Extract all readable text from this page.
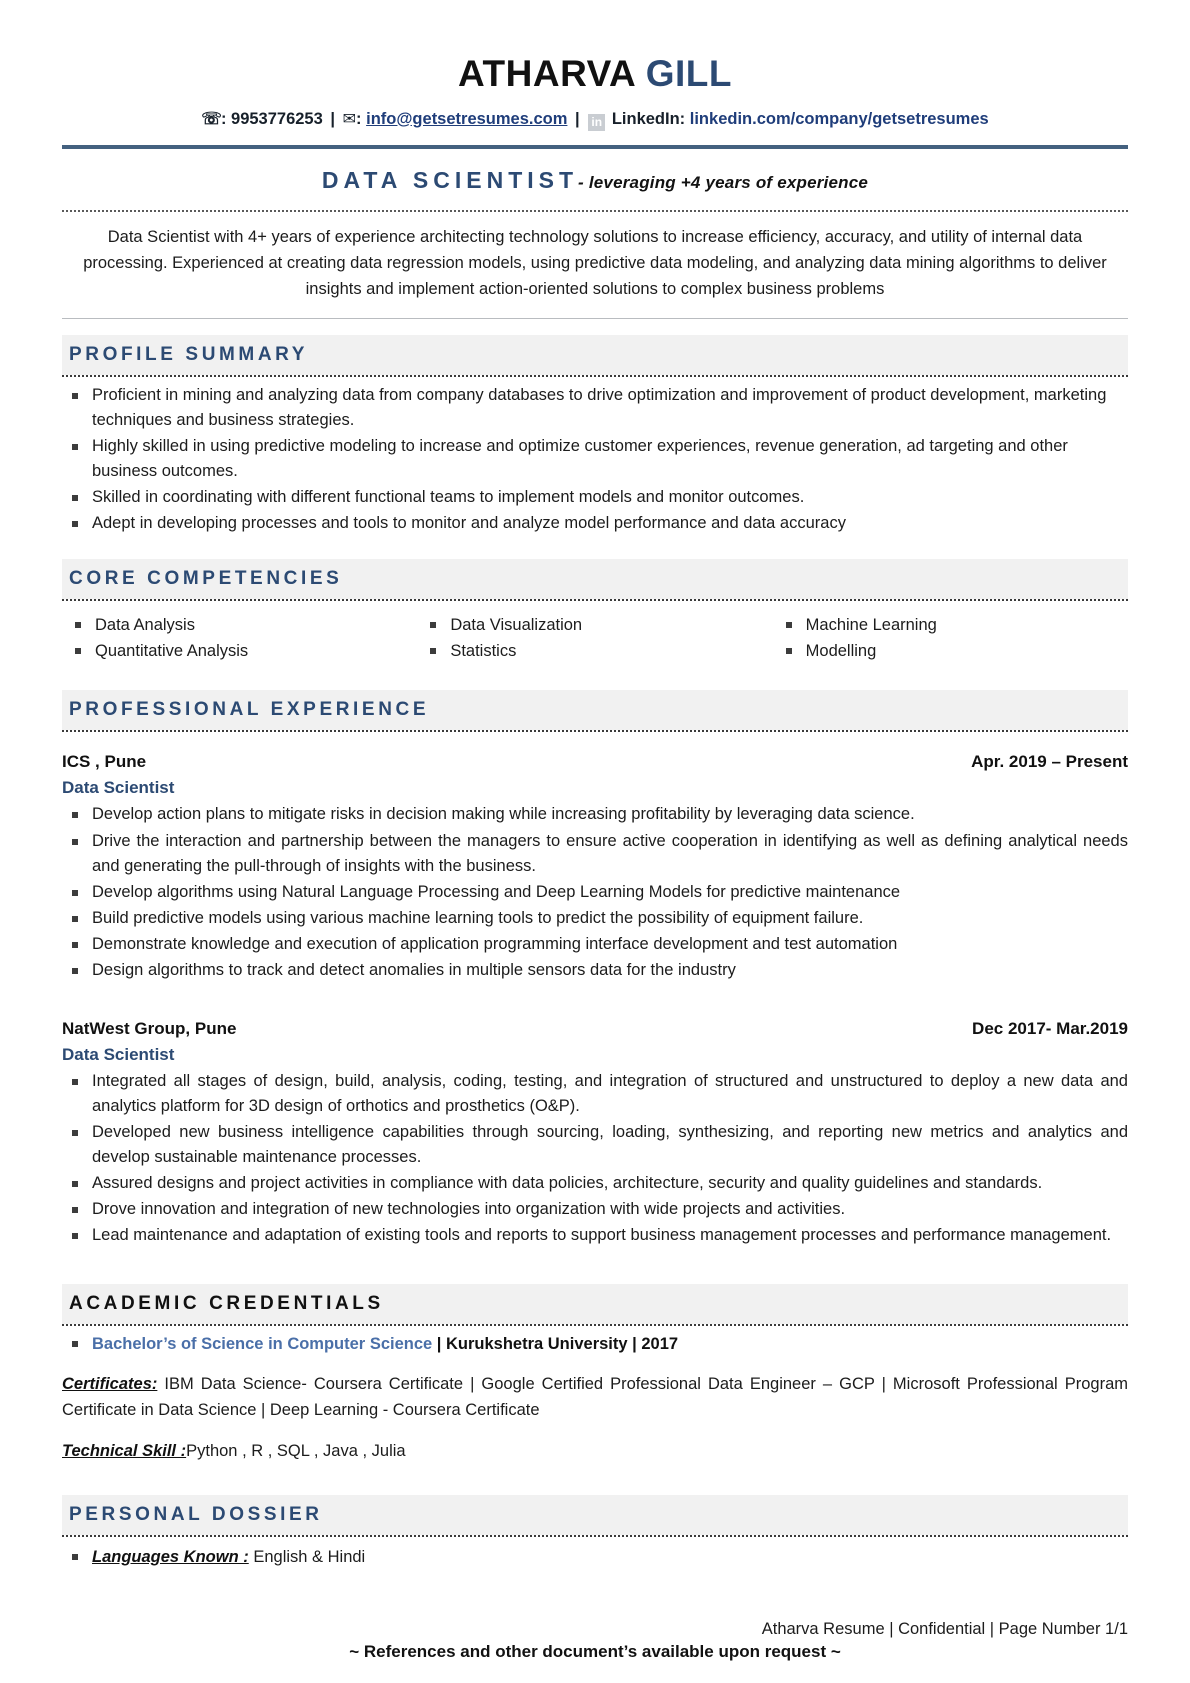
ATHARVA GILL
☏: 9953776253 | ✉: info@getsetresumes.com | in LinkedIn: linkedin.com/company/getsetresumes
DATA SCIENTIST- leveraging +4 years of experience
Data Scientist with 4+ years of experience architecting technology solutions to increase efficiency, accuracy, and utility of internal data processing. Experienced at creating data regression models, using predictive data modeling, and analyzing data mining algorithms to deliver insights and implement action-oriented solutions to complex business problems
PROFILE SUMMARY
Proficient in mining and analyzing data from company databases to drive optimization and improvement of product development, marketing techniques and business strategies.
Highly skilled in using predictive modeling to increase and optimize customer experiences, revenue generation, ad targeting and other business outcomes.
Skilled in coordinating with different functional teams to implement models and monitor outcomes.
Adept in developing processes and tools to monitor and analyze model performance and data accuracy
CORE COMPETENCIES
Data Analysis	Data Visualization	Machine Learning
Quantitative Analysis	Statistics	Modelling
PROFESSIONAL EXPERIENCE
ICS , Pune	Apr. 2019 – Present
Data Scientist
Develop action plans to mitigate risks in decision making while increasing profitability by leveraging data science.
Drive the interaction and partnership between the managers to ensure active cooperation in identifying as well as defining analytical needs and generating the pull-through of insights with the business.
Develop algorithms using Natural Language Processing and Deep Learning Models for predictive maintenance
Build predictive models using various machine learning tools to predict the possibility of equipment failure.
Demonstrate knowledge and execution of application programming interface development and test automation
Design algorithms to track and detect anomalies in multiple sensors data for the industry
NatWest Group, Pune	Dec 2017- Mar.2019
Data Scientist
Integrated all stages of design, build, analysis, coding, testing, and integration of structured and unstructured to deploy a new data and analytics platform for 3D design of orthotics and prosthetics (O&P).
Developed new business intelligence capabilities through sourcing, loading, synthesizing, and reporting new metrics and analytics and develop sustainable maintenance processes.
Assured designs and project activities in compliance with data policies, architecture, security and quality guidelines and standards.
Drove innovation and integration of new technologies into organization with wide projects and activities.
Lead maintenance and adaptation of existing tools and reports to support business management processes and performance management.
ACADEMIC CREDENTIALS
Bachelor’s of Science in Computer Science | Kurukshetra University | 2017
Certificates: IBM Data Science- Coursera Certificate | Google Certified Professional Data Engineer – GCP | Microsoft Professional Program Certificate in Data Science | Deep Learning - Coursera Certificate
Technical Skill :Python , R , SQL , Java , Julia
PERSONAL DOSSIER
Languages Known : English & Hindi
~ References and other document’s available upon request ~
Atharva Resume | Confidential | Page Number 1/1
